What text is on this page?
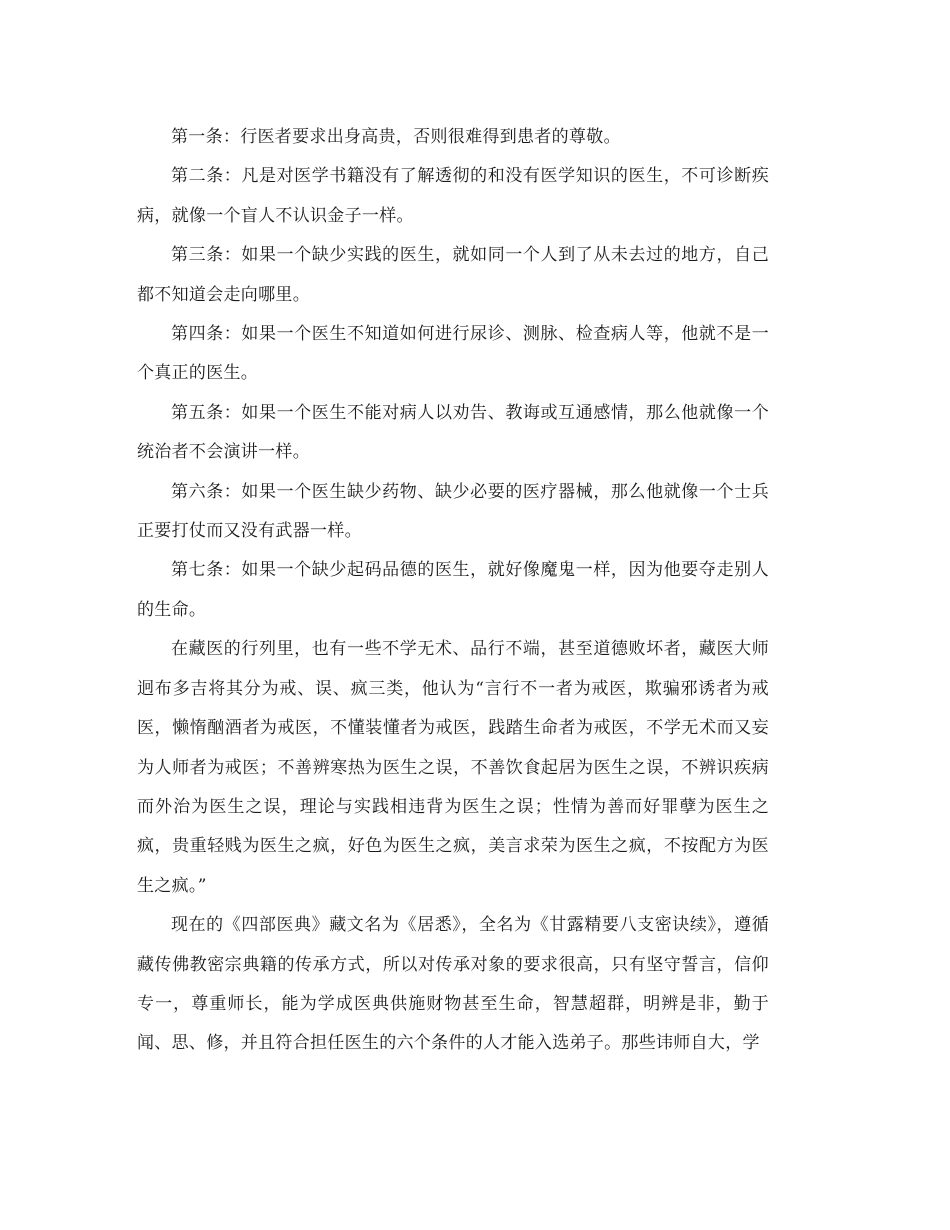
第一条：行医者要求出身高贵，否则很难得到患者的尊敬。

第二条：凡是对医学书籍没有了解透彻的和没有医学知识的医生，不可诊断疾病，就像一个盲人不认识金子一样。

第三条：如果一个缺少实践的医生，就如同一个人到了从未去过的地方，自己都不知道会走向哪里。

第四条：如果一个医生不知道如何进行尿诊、测脉、检查病人等，他就不是一个真正的医生。

第五条：如果一个医生不能对病人以劝告、教诲或互通感情，那么他就像一个统治者不会演讲一样。

第六条：如果一个医生缺少药物、缺少必要的医疗器械，那么他就像一个士兵正要打仗而又没有武器一样。

第七条：如果一个缺少起码品德的医生，就好像魔鬼一样，因为他要夺走别人的生命。

在藏医的行列里，也有一些不学无术、品行不端，甚至道德败坏者，藏医大师迥布多吉将其分为戒、误、疯三类，他认为“言行不一者为戒医，欺骗邪诱者为戒医，懒惰酗酒者为戒医，不懂装懂者为戒医，践踏生命者为戒医，不学无术而又妄为人师者为戒医；不善辨寒热为医生之误，不善饮食起居为医生之误，不辨识疾病而外治为医生之误，理论与实践相违背为医生之误；性情为善而好罪孽为医生之疯，贵重轻贱为医生之疯，好色为医生之疯，美言求荣为医生之疯，不按配方为医生之疯。”

现在的《四部医典》藏文名为《居悉》，全名为《甘露精要八支密诀续》，遵循藏传佛教密宗典籍的传承方式，所以对传承对象的要求很高，只有坚守誓言，信仰专一，尊重师长，能为学成医典供施财物甚至生命，智慧超群，明辨是非，勤于闻、思、修，并且符合担任医生的六个条件的人才能入选弟子。那些讳师自大，学
